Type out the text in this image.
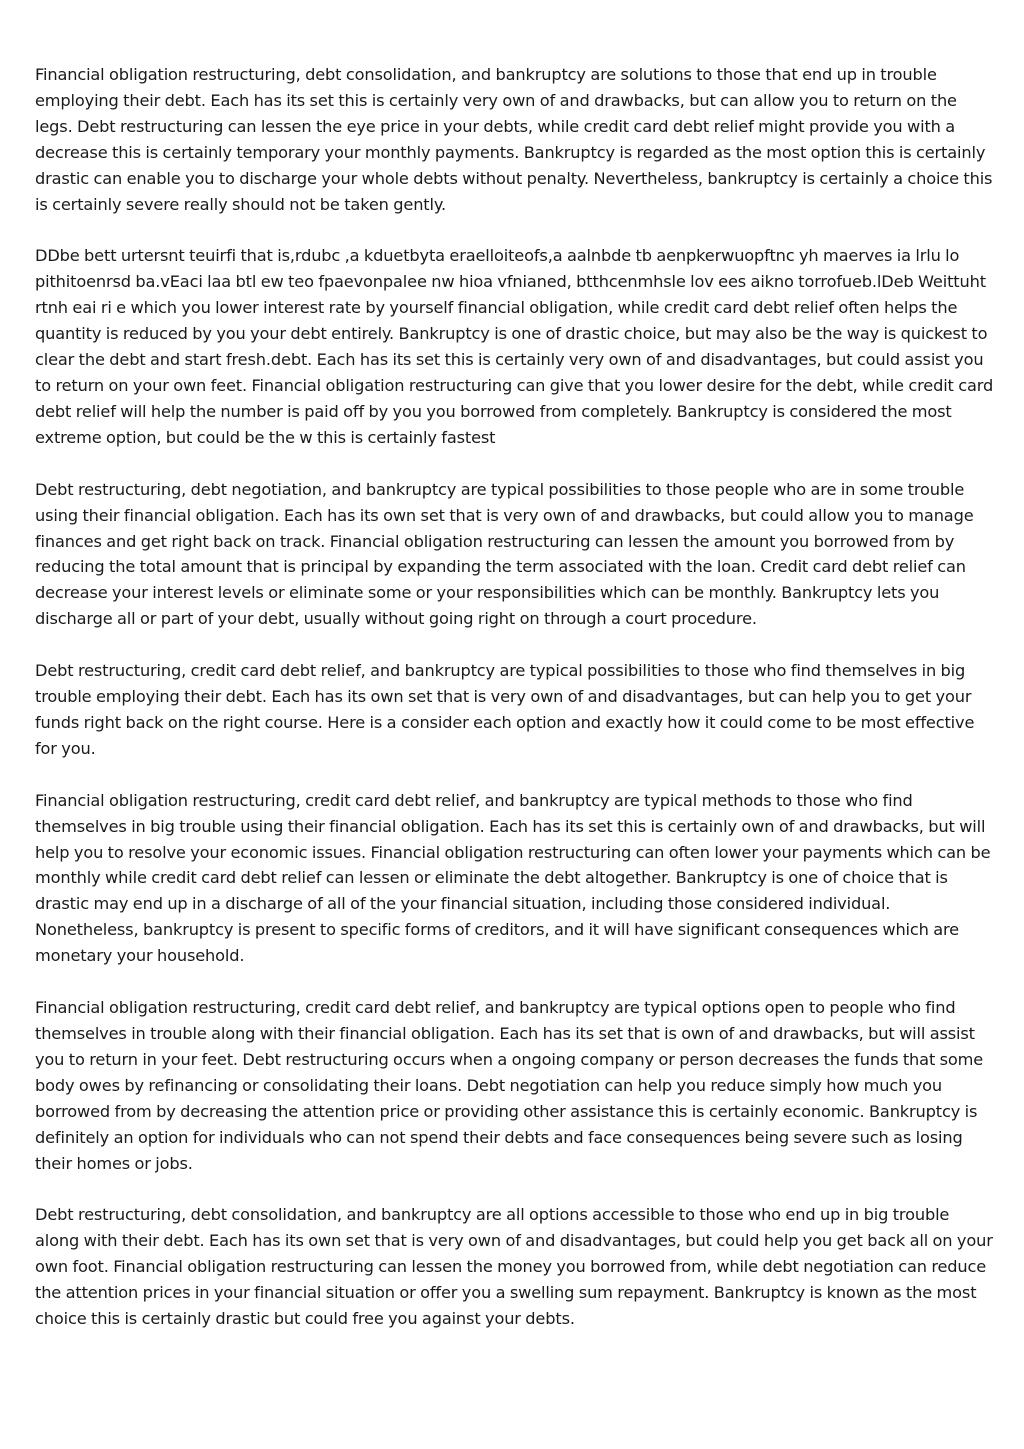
Financial obligation restructuring, debt consolidation, and bankruptcy are solutions to those that end up in trouble employing their debt. Each has its set this is certainly very own of and drawbacks, but can allow you to return on the legs. Debt restructuring can lessen the eye price in your debts, while credit card debt relief might provide you with a decrease this is certainly temporary your monthly payments. Bankruptcy is regarded as the most option this is certainly drastic can enable you to discharge your whole debts without penalty. Nevertheless, bankruptcy is certainly a choice this is certainly severe really should not be taken gently.

DDbe bett urtersnt teuirfi that is,rdubc ,a kduetbyta eraelloiteofs,a aalnbde tb aenpkerwuopftnc yh maerves ia lrlu lo pithitoenrsd ba.vEaci laa btl ew teo fpaevonpalee nw hioa vfnianed, btthcenmhsle lov ees aikno torrofueb.lDeb Weittuht rtnh eai ri e which you lower interest rate by yourself financial obligation, while credit card debt relief often helps the quantity is reduced by you your debt entirely. Bankruptcy is one of drastic choice, but may also be the way is quickest to clear the debt and start fresh.debt. Each has its set this is certainly very own of and disadvantages, but could assist you to return on your own feet. Financial obligation restructuring can give that you lower desire for the debt, while credit card debt relief will help the number is paid off by you you borrowed from completely. Bankruptcy is considered the most extreme option, but could be the w this is certainly fastest

Debt restructuring, debt negotiation, and bankruptcy are typical possibilities to those people who are in some trouble using their financial obligation. Each has its own set that is very own of and drawbacks, but could allow you to manage finances and get right back on track. Financial obligation restructuring can lessen the amount you borrowed from by reducing the total amount that is principal by expanding the term associated with the loan. Credit card debt relief can decrease your interest levels or eliminate some or your responsibilities which can be monthly. Bankruptcy lets you discharge all or part of your debt, usually without going right on through a court procedure.

Debt restructuring, credit card debt relief, and bankruptcy are typical possibilities to those who find themselves in big trouble employing their debt. Each has its own set that is very own of and disadvantages, but can help you to get your funds right back on the right course. Here is a consider each option and exactly how it could come to be most effective for you.

Financial obligation restructuring, credit card debt relief, and bankruptcy are typical methods to those who find themselves in big trouble using their financial obligation. Each has its set this is certainly own of and drawbacks, but will help you to resolve your economic issues. Financial obligation restructuring can often lower your payments which can be monthly while credit card debt relief can lessen or eliminate the debt altogether. Bankruptcy is one of choice that is drastic may end up in a discharge of all of the your financial situation, including those considered individual. Nonetheless, bankruptcy is present to specific forms of creditors, and it will have significant consequences which are monetary your household.

Financial obligation restructuring, credit card debt relief, and bankruptcy are typical options open to people who find themselves in trouble along with their financial obligation. Each has its set that is own of and drawbacks, but will assist you to return in your feet. Debt restructuring occurs when a ongoing company or person decreases the funds that some body owes by refinancing or consolidating their loans. Debt negotiation can help you reduce simply how much you borrowed from by decreasing the attention price or providing other assistance this is certainly economic. Bankruptcy is definitely an option for individuals who can not spend their debts and face consequences being severe such as losing their homes or jobs.

Debt restructuring, debt consolidation, and bankruptcy are all options accessible to those who end up in big trouble along with their debt. Each has its own set that is very own of and disadvantages, but could help you get back all on your own foot. Financial obligation restructuring can lessen the money you borrowed from, while debt negotiation can reduce the attention prices in your financial situation or offer you a swelling sum repayment. Bankruptcy is known as the most choice this is certainly drastic but could free you against your debts.
